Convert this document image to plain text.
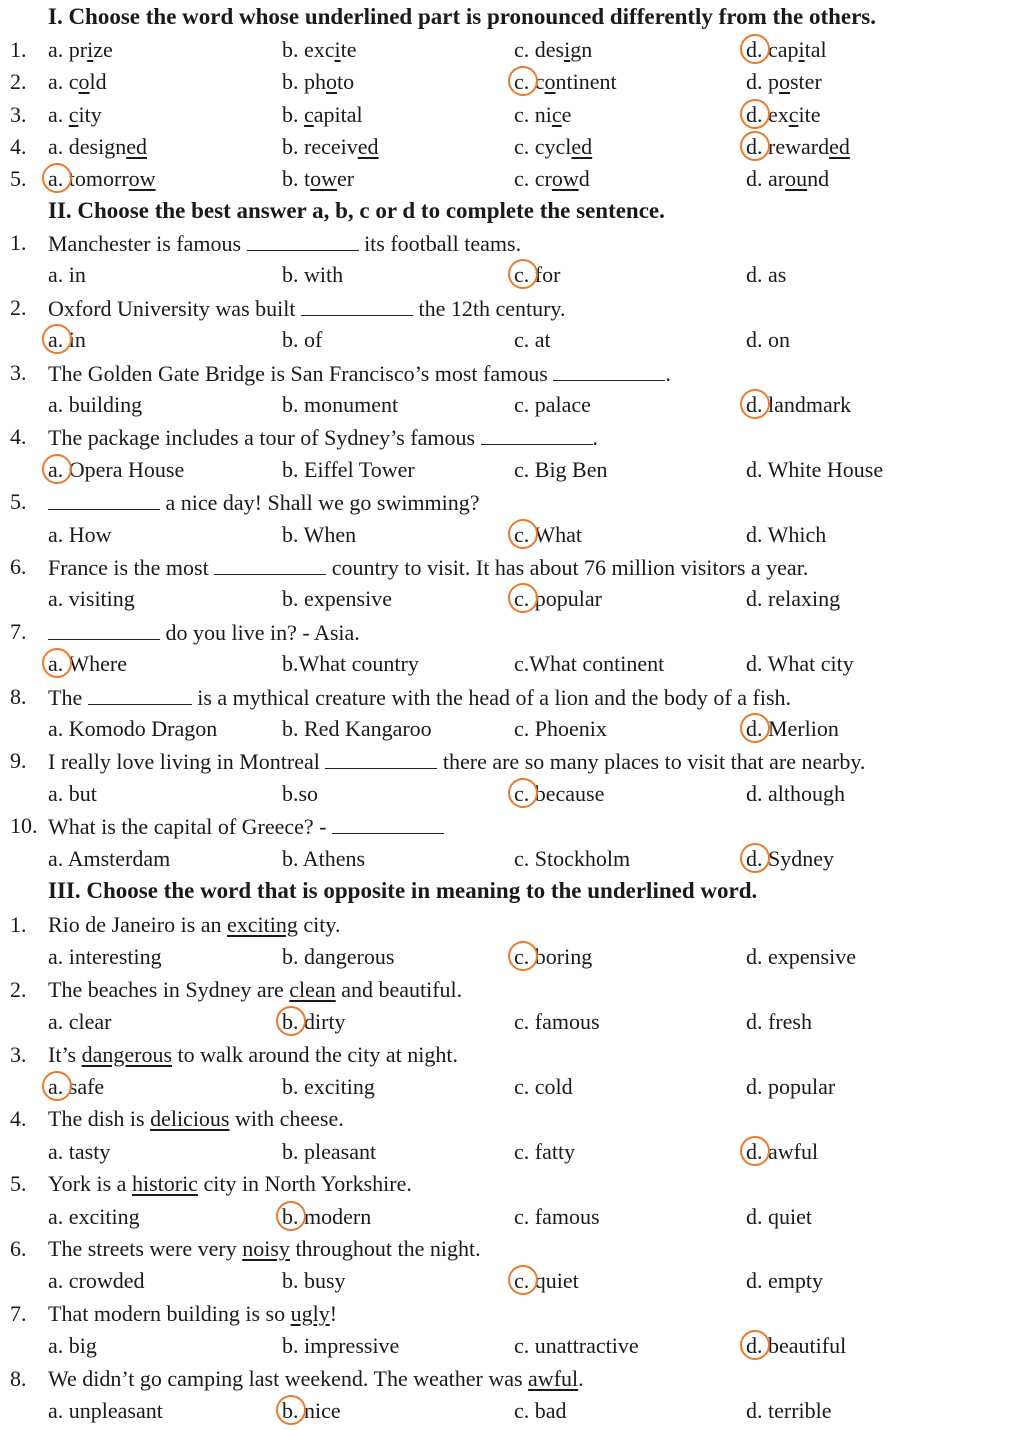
I. Choose the word whose underlined part is pronounced differently from the others.
1. a. prize	b. excite	c. design	d. capital
2. a. cold	b. photo	c. continent	d. poster
3. a. city	b. capital	c. nice	d. excite
4. a. designed	b. received	c. cycled	d. rewarded
5. a. tomorrow	b. tower	c. crowd	d. around
II. Choose the best answer a, b, c or d to complete the sentence.
1. Manchester is famous	its football teams.
a. in	b. with	c. for	d. as
2. Oxford University was built	the 12th century.
a. in	b. of	c. at	d. on
3. The Golden Gate Bridge is San Francisco’s most famous	.
a. building	b. monument	c. palace	d. landmark
4. The package includes a tour of Sydney’s famous	.
a. Opera House	b. Eiffel Tower	c. Big Ben	d. White House
5.	a nice day! Shall we go swimming?
a. How	b. When	c. What	d. Which
6. France is the most	country to visit. It has about 76 million visitors a year.
a. visiting	b. expensive	c. popular	d. relaxing
7.	do you live in? - Asia.
a. Where	b.What country	c.What continent	d. What city
8. The	is a mythical creature with the head of a lion and the body of a fish.
a. Komodo Dragon	b. Red Kangaroo	c. Phoenix	d. Merlion
9. I really love living in Montreal	there are so many places to visit that are nearby.
a. but	b.so	c. because	d. although
10. What is the capital of Greece? -
a. Amsterdam	b. Athens	c. Stockholm	d. Sydney
III. Choose the word that is opposite in meaning to the underlined word.
1. Rio de Janeiro is an exciting city.
a. interesting	b. dangerous	c. boring	d. expensive
2. The beaches in Sydney are clean and beautiful.
a. clear	b. dirty	c. famous	d. fresh
3. It’s dangerous to walk around the city at night.
a. safe	b. exciting	c. cold	d. popular
4. The dish is delicious with cheese.
a. tasty	b. pleasant	c. fatty	d. awful
5. York is a historic city in North Yorkshire.
a. exciting	b. modern	c. famous	d. quiet
6. The streets were very noisy throughout the night.
a. crowded	b. busy	c. quiet	d. empty
7. That modern building is so ugly!
a. big	b. impressive	c. unattractive	d. beautiful
8. We didn’t go camping last weekend. The weather was awful.
a. unpleasant	b. nice	c. bad	d. terrible
